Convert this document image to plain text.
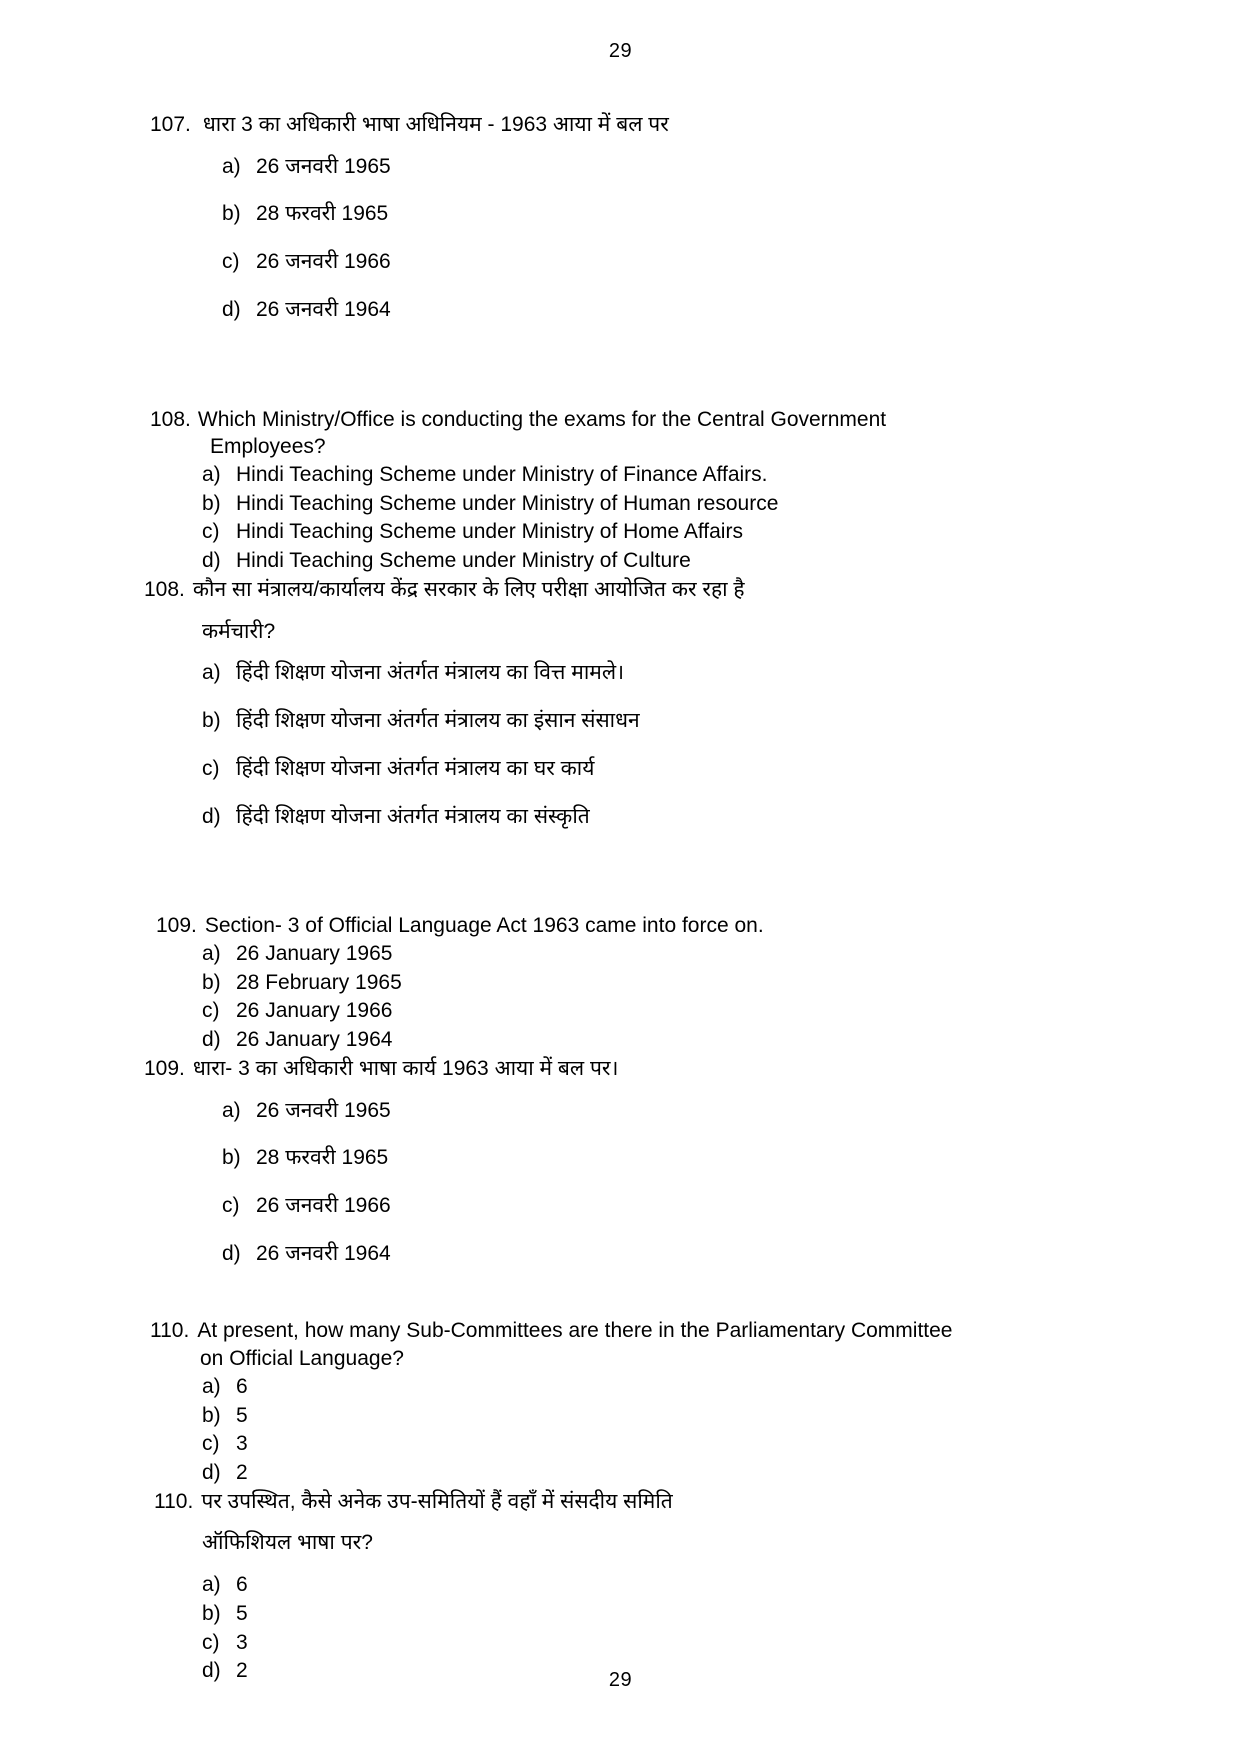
29
107. धारा 3 का अधिकारी भाषा अधिनियम - 1963 आया में बल पर
a) 26 जनवरी 1965
b) 28 फरवरी 1965
c) 26 जनवरी 1966
d) 26 जनवरी 1964
108. Which Ministry/Office is conducting the exams for the Central Government
Employees?
a) Hindi Teaching Scheme under Ministry of Finance Affairs.
b) Hindi Teaching Scheme under Ministry of Human resource
c) Hindi Teaching Scheme under Ministry of Home Affairs
d) Hindi Teaching Scheme under Ministry of Culture
108. कौन सा मंत्रालय/कार्यालय केंद्र सरकार के लिए परीक्षा आयोजित कर रहा है
कर्मचारी?
a) हिंदी शिक्षण योजना अंतर्गत मंत्रालय का वित्त मामले।
b) हिंदी शिक्षण योजना अंतर्गत मंत्रालय का इंसान संसाधन
c) हिंदी शिक्षण योजना अंतर्गत मंत्रालय का घर कार्य
d) हिंदी शिक्षण योजना अंतर्गत मंत्रालय का संस्कृति
109. Section- 3 of Official Language Act 1963 came into force on.
a) 26 January 1965
b) 28 February 1965
c) 26 January 1966
d) 26 January 1964
109. धारा- 3 का अधिकारी भाषा कार्य 1963 आया में बल पर।
a) 26 जनवरी 1965
b) 28 फरवरी 1965
c) 26 जनवरी 1966
d) 26 जनवरी 1964
110. At present, how many Sub-Committees are there in the Parliamentary Committee
on Official Language?
a) 6
b) 5
c) 3
d) 2
110. पर उपस्थित, कैसे अनेक उप-समितियों हैं वहाँ में संसदीय समिति
ऑफिशियल भाषा पर?
a) 6
b) 5
c) 3
d) 2	29
